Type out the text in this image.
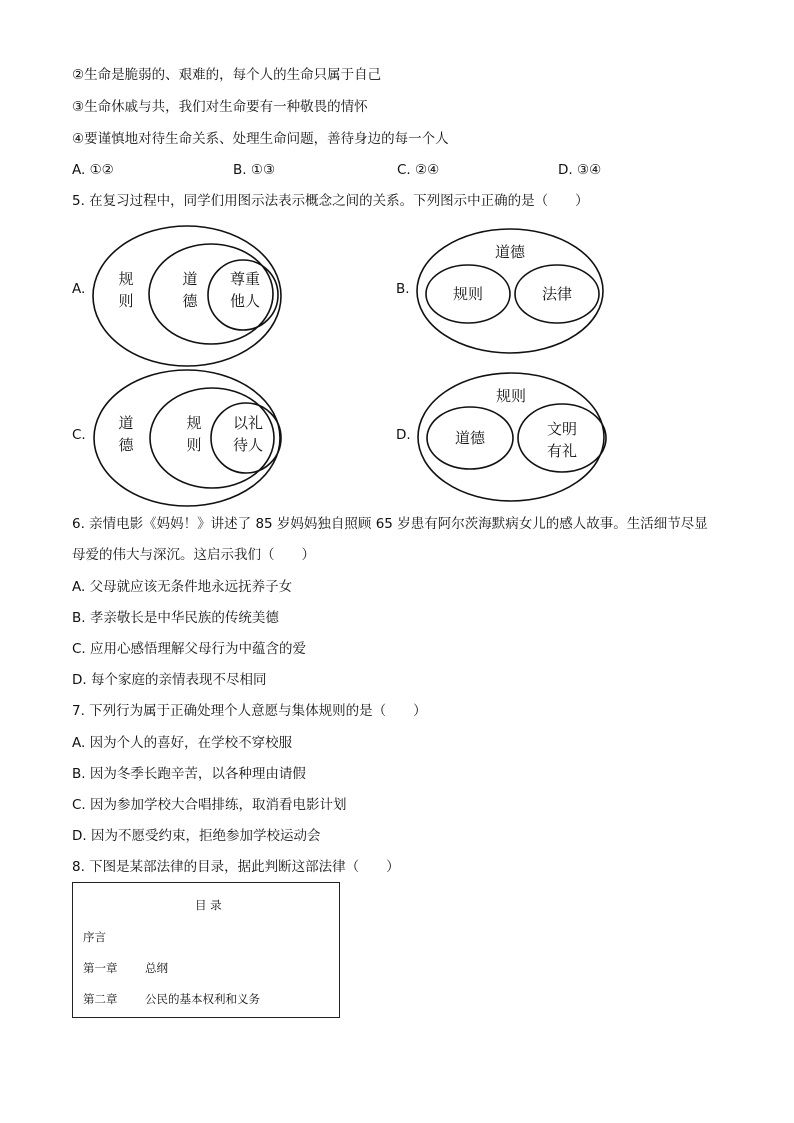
②生命是脆弱的、艰难的，每个人的生命只属于自己
③生命休戚与共，我们对生命要有一种敬畏的情怀
④要谨慎地对待生命关系、处理生命问题，善待身边的每一个人
A. ①②	B. ①③	C. ②④	D. ③④
5. 在复习过程中，同学们用图示法表示概念之间的关系。下列图示中正确的是（　　）
A.
规
则
道
德
尊重
他人
B.
道德
规则	法律
C.
道
德
规
则
以礼
待人
D.
规则
道德	文明
有礼
6. 亲情电影《妈妈！》讲述了 85 岁妈妈独自照顾 65 岁患有阿尔茨海默病女儿的感人故事。生活细节尽显
母爱的伟大与深沉。这启示我们（　　）
A. 父母就应该无条件地永远抚养子女
B. 孝亲敬长是中华民族的传统美德
C. 应用心感悟理解父母行为中蕴含的爱
D. 每个家庭的亲情表现不尽相同
7. 下列行为属于正确处理个人意愿与集体规则的是（　　）
A. 因为个人的喜好，在学校不穿校服
B. 因为冬季长跑辛苦，以各种理由请假
C. 因为参加学校大合唱排练，取消看电影计划
D. 因为不愿受约束，拒绝参加学校运动会
8. 下图是某部法律的目录，据此判断这部法律（　　）
目 录
序言
第一章 总纲
第二章 公民的基本权利和义务
